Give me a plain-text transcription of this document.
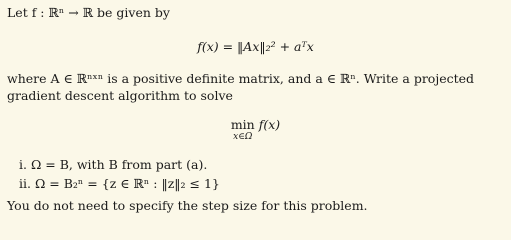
Let f : ℝⁿ → ℝ be given by
f(x) = ‖Ax‖₂² + aᵀx
where A ∈ ℝⁿˣⁿ is a positive definite matrix, and a ∈ ℝⁿ. Write a projected
gradient descent algorithm to solve
min
x∈Ω
f(x)
i. Ω = B, with B from part (a).
ii. Ω = B₂ⁿ = {z ∈ ℝⁿ : ‖z‖₂ ≤ 1}
You do not need to specify the step size for this problem.
